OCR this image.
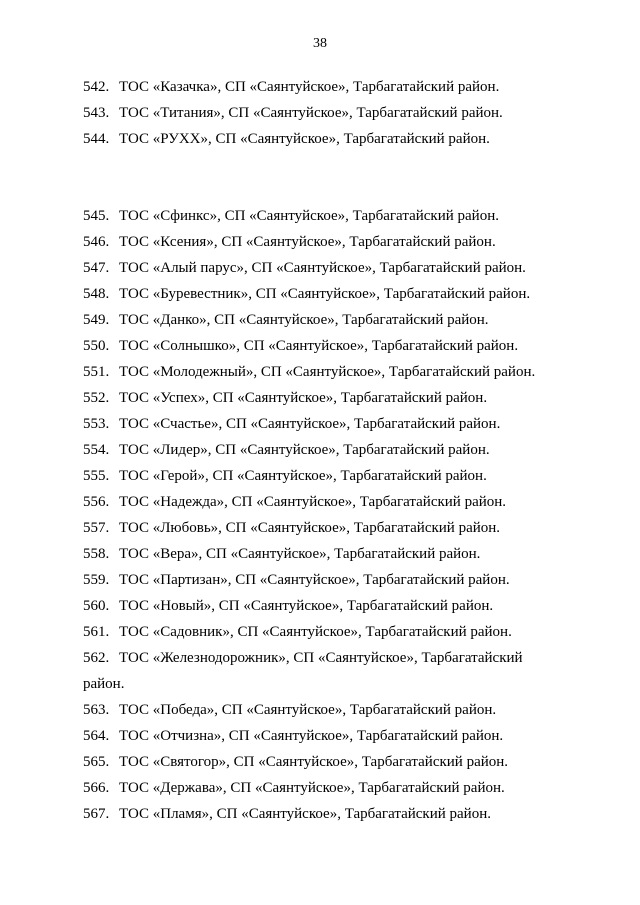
38
542. ТОС «Казачка», СП «Саянтуйское», Тарбагатайский район.
543. ТОС «Титания», СП «Саянтуйское», Тарбагатайский район.
544. ТОС «РУХХ», СП «Саянтуйское», Тарбагатайский район.
545. ТОС «Сфинкс», СП «Саянтуйское», Тарбагатайский район.
546. ТОС «Ксения», СП «Саянтуйское», Тарбагатайский район.
547. ТОС «Алый парус», СП «Саянтуйское», Тарбагатайский район.
548. ТОС «Буревестник», СП «Саянтуйское», Тарбагатайский район.
549. ТОС «Данко», СП «Саянтуйское», Тарбагатайский район.
550. ТОС «Солнышко», СП «Саянтуйское», Тарбагатайский район.
551. ТОС «Молодежный», СП «Саянтуйское», Тарбагатайский район.
552. ТОС «Успех», СП «Саянтуйское», Тарбагатайский район.
553. ТОС «Счастье», СП «Саянтуйское», Тарбагатайский район.
554. ТОС «Лидер», СП «Саянтуйское», Тарбагатайский район.
555. ТОС «Герой», СП «Саянтуйское», Тарбагатайский район.
556. ТОС «Надежда», СП «Саянтуйское», Тарбагатайский район.
557. ТОС «Любовь», СП «Саянтуйское», Тарбагатайский район.
558. ТОС «Вера», СП «Саянтуйское», Тарбагатайский район.
559. ТОС «Партизан», СП «Саянтуйское», Тарбагатайский район.
560. ТОС «Новый», СП «Саянтуйское», Тарбагатайский район.
561. ТОС «Садовник», СП «Саянтуйское», Тарбагатайский район.
562. ТОС «Железнодорожник», СП «Саянтуйское», Тарбагатайский район.
563. ТОС «Победа», СП «Саянтуйское», Тарбагатайский район.
564. ТОС «Отчизна», СП «Саянтуйское», Тарбагатайский район.
565. ТОС «Святогор», СП «Саянтуйское», Тарбагатайский район.
566. ТОС «Держава», СП «Саянтуйское», Тарбагатайский район.
567. ТОС «Пламя», СП «Саянтуйское», Тарбагатайский район.
